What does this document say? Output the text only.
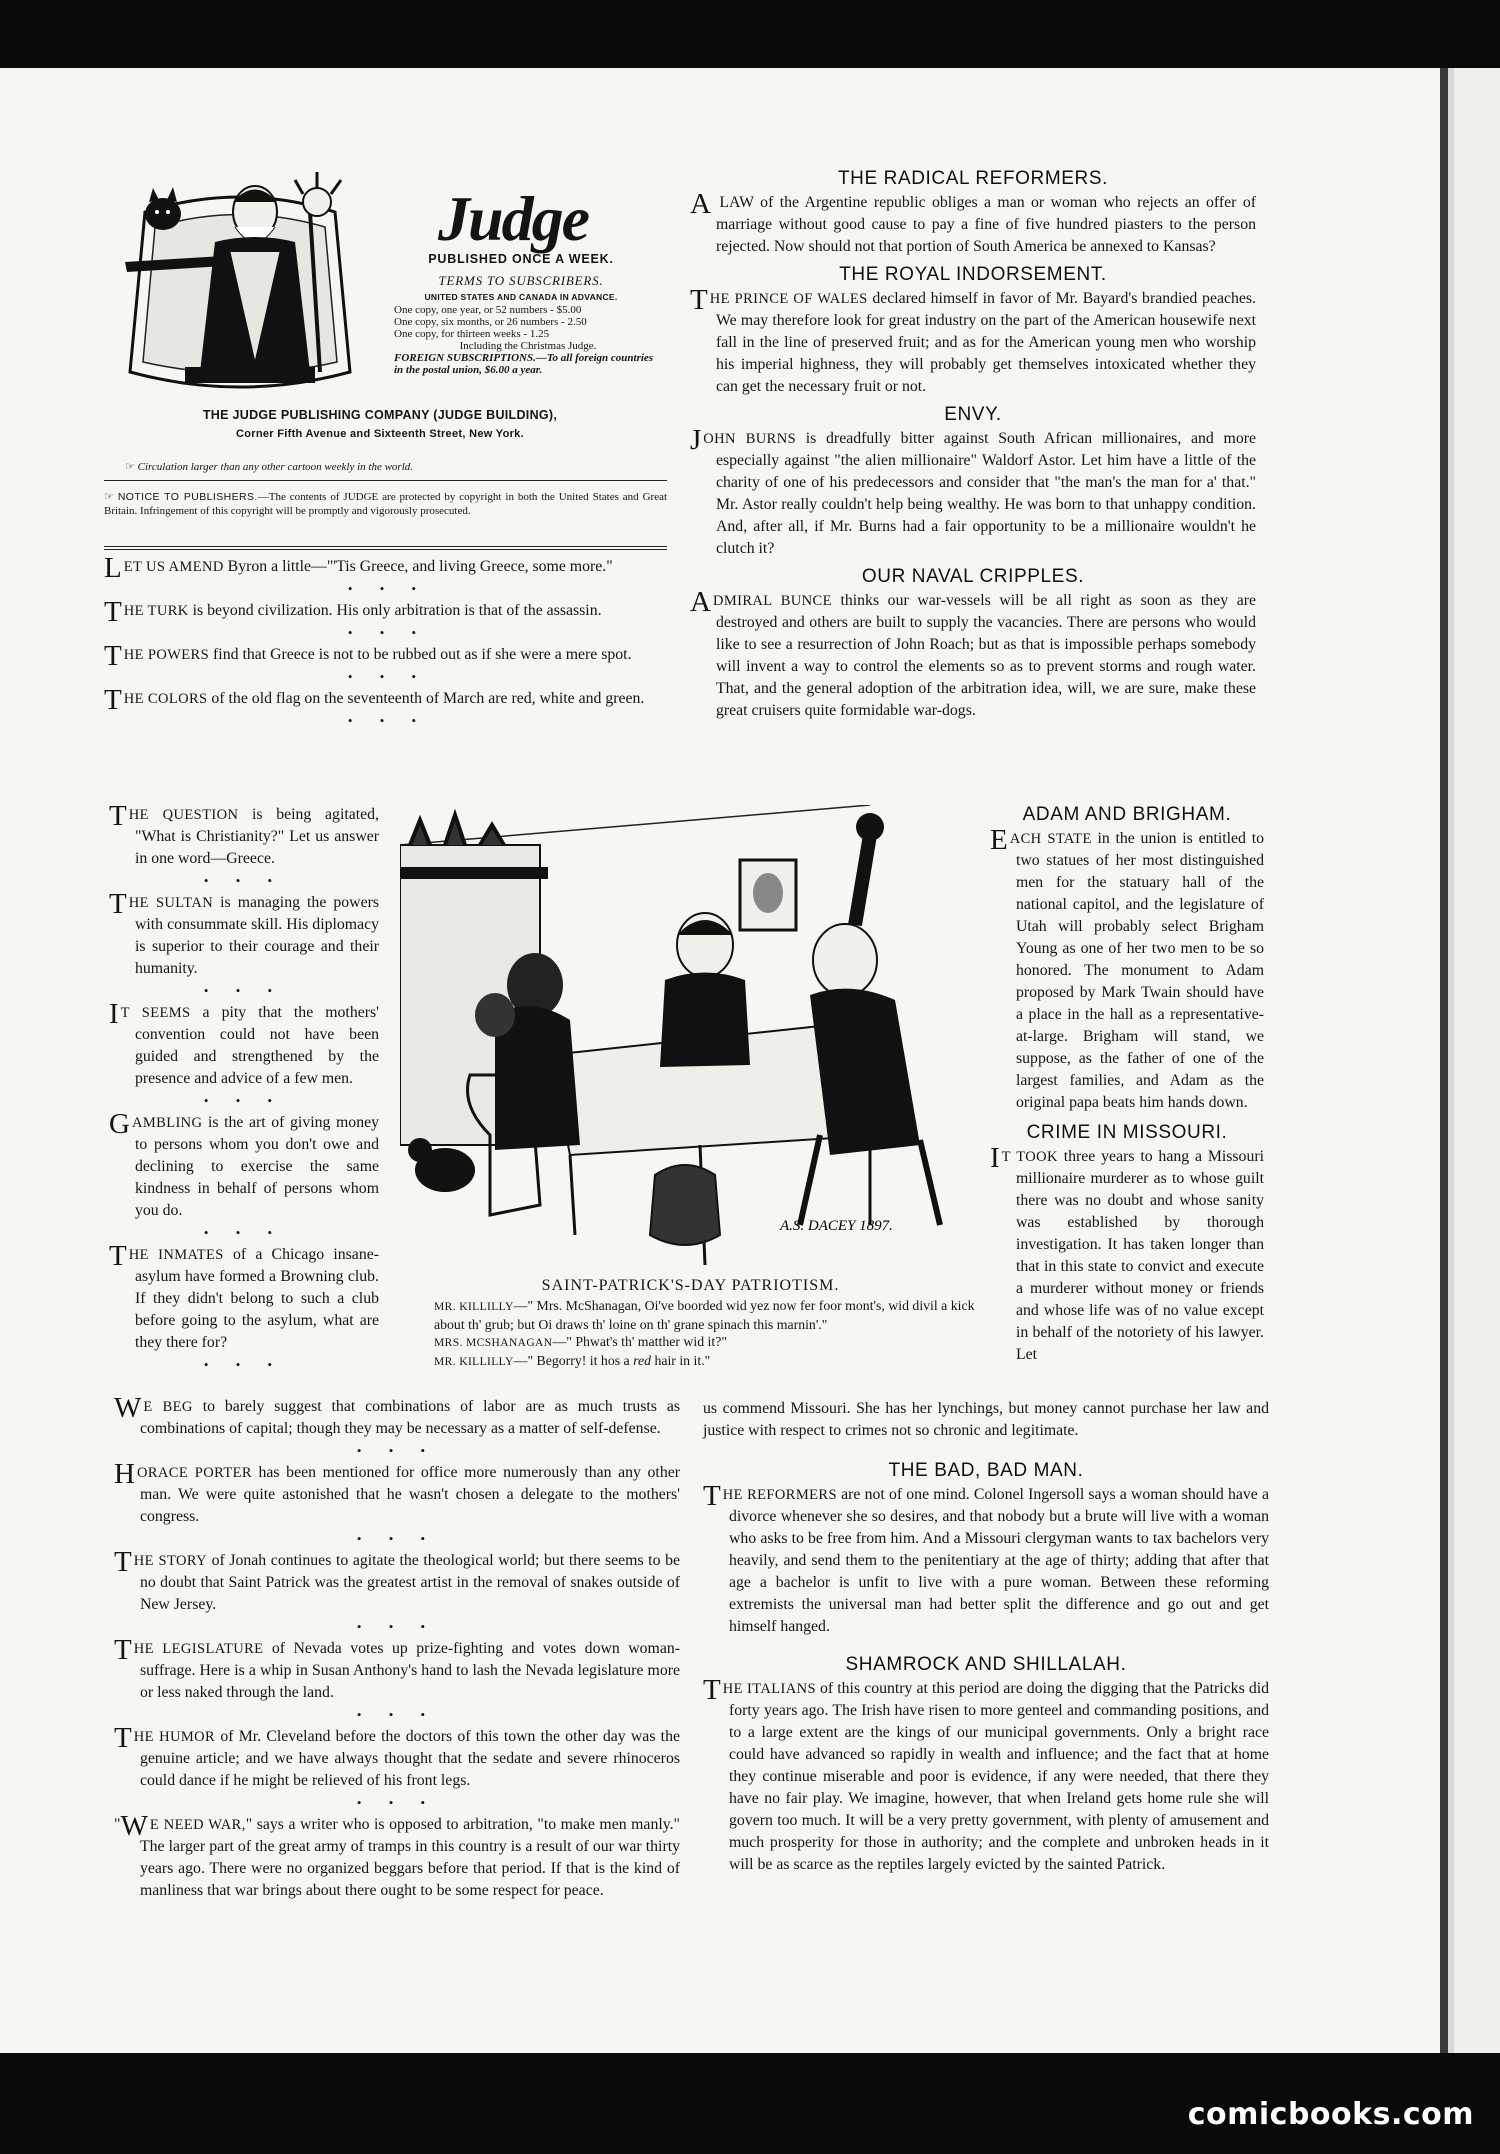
comicbooks.com
Judge
PUBLISHED ONCE A WEEK.
TERMS TO SUBSCRIBERS.
UNITED STATES AND CANADA IN ADVANCE.
One copy, one year, or 52 numbers - $5.00
One copy, six months, or 26 numbers - 2.50
One copy, for thirteen weeks - 1.25
Including the Christmas Judge.
FOREIGN SUBSCRIPTIONS.—To all foreign countries in the postal union, $6.00 a year.
THE JUDGE PUBLISHING COMPANY (JUDGE BUILDING),
Corner Fifth Avenue and Sixteenth Street, New York.
☞ Circulation larger than any other cartoon weekly in the world.
☞ NOTICE TO PUBLISHERS.—The contents of JUDGE are protected by copyright in both the United States and Great Britain. Infringement of this copyright will be promptly and vigorously prosecuted.

LET US AMEND Byron a little—"'Tis Greece, and living Greece, some more."

• • •

THE TURK is beyond civilization. His only arbitration is that of the assassin.

• • •

THE POWERS find that Greece is not to be rubbed out as if she were a mere spot.

• • •

THE COLORS of the old flag on the seventeenth of March are red, white and green.

• • •

THE QUESTION is being agitated, "What is Christianity?" Let us answer in one word—Greece.

• • •

THE SULTAN is managing the powers with consummate skill. His diplomacy is superior to their courage and their humanity.

• • •

I T SEEMS a pity that the mothers' convention could not have been guided and strengthened by the presence and advice of a few men.

• • •

GAMBLING is the art of giving money to persons whom you don't owe and declining to exercise the same kindness in behalf of persons whom you do.

• • •

THE INMATES of a Chicago insane-asylum have formed a Browning club. If they didn't belong to such a club before going to the asylum, what are they there for?

• • •
A.S. DACEY 1897.
SAINT-PATRICK'S-DAY PATRIOTISM.
MR. KILLILLY—" Mrs. McShanagan, Oi've boorded wid yez now fer foor mont's, wid divil a kick about th' grub; but Oi draws th' loine on th' grane spinach this marnin'."
MRS. MCSHANAGAN—" Phwat's th' matther wid it?"
MR. KILLILLY—" Begorry! it hos a red hair in it."

W E BEG to barely suggest that combinations of labor are as much trusts as combinations of capital; though they may be necessary as a matter of self-defense.

• • •

HORACE PORTER has been mentioned for office more numerously than any other man. We were quite astonished that he wasn't chosen a delegate to the mothers' congress.

• • •

THE STORY of Jonah continues to agitate the theological world; but there seems to be no doubt that Saint Patrick was the greatest artist in the removal of snakes outside of New Jersey.

• • •

THE LEGISLATURE of Nevada votes up prize-fighting and votes down woman-suffrage. Here is a whip in Susan Anthony's hand to lash the Nevada legislature more or less naked through the land.

• • •

THE HUMOR of Mr. Cleveland before the doctors of this town the other day was the genuine article; and we have always thought that the sedate and severe rhinoceros could dance if he might be relieved of his front legs.

• • •

"W E NEED WAR," says a writer who is opposed to arbitration, "to make men manly." The larger part of the great army of tramps in this country is a result of our war thirty years ago. There were no organized beggars before that period. If that is the kind of manliness that war brings about there ought to be some respect for peace.

THE RADICAL REFORMERS.

A LAW of the Argentine republic obliges a man or woman who rejects an offer of marriage without good cause to pay a fine of five hundred piasters to the person rejected. Now should not that portion of South America be annexed to Kansas?

THE ROYAL INDORSEMENT.

THE PRINCE OF WALES declared himself in favor of Mr. Bayard's brandied peaches. We may therefore look for great industry on the part of the American housewife next fall in the line of preserved fruit; and as for the American young men who worship his imperial highness, they will probably get themselves intoxicated whether they can get the necessary fruit or not.

ENVY.

JOHN BURNS is dreadfully bitter against South African millionaires, and more especially against "the alien millionaire" Waldorf Astor. Let him have a little of the charity of one of his predecessors and consider that "the man's the man for a' that." Mr. Astor really couldn't help being wealthy. He was born to that unhappy condition. And, after all, if Mr. Burns had a fair opportunity to be a millionaire wouldn't he clutch it?

OUR NAVAL CRIPPLES.

ADMIRAL BUNCE thinks our war-vessels will be all right as soon as they are destroyed and others are built to supply the vacancies. There are persons who would like to see a resurrection of John Roach; but as that is impossible perhaps somebody will invent a way to control the elements so as to prevent storms and rough water. That, and the general adoption of the arbitration idea, will, we are sure, make these great cruisers quite formidable war-dogs.

ADAM AND BRIGHAM.

EACH STATE in the union is entitled to two statues of her most distinguished men for the statuary hall of the national capitol, and the legislature of Utah will probably select Brigham Young as one of her two men to be so honored. The monument to Adam proposed by Mark Twain should have a place in the hall as a representative-at-large. Brigham will stand, we suppose, as the father of one of the largest families, and Adam as the original papa beats him hands down.

CRIME IN MISSOURI.

I T TOOK three years to hang a Missouri millionaire murderer as to whose guilt there was no doubt and whose sanity was established by thorough investigation. It has taken longer than that in this state to convict and execute a murderer without money or friends and whose life was of no value except in behalf of the notoriety of his lawyer. Let

us commend Missouri. She has her lynchings, but money cannot purchase her law and justice with respect to crimes not so chronic and legitimate.

THE BAD, BAD MAN.

THE REFORMERS are not of one mind. Colonel Ingersoll says a woman should have a divorce whenever she so desires, and that nobody but a brute will live with a woman who asks to be free from him. And a Missouri clergyman wants to tax bachelors very heavily, and send them to the penitentiary at the age of thirty; adding that after that age a bachelor is unfit to live with a pure woman. Between these reforming extremists the universal man had better split the difference and go out and get himself hanged.

SHAMROCK AND SHILLALAH.

THE ITALIANS of this country at this period are doing the digging that the Patricks did forty years ago. The Irish have risen to more genteel and commanding positions, and to a large extent are the kings of our municipal governments. Only a bright race could have advanced so rapidly in wealth and influence; and the fact that at home they continue miserable and poor is evidence, if any were needed, that there they have no fair play. We imagine, however, that when Ireland gets home rule she will govern too much. It will be a very pretty government, with plenty of amusement and much prosperity for those in authority; and the complete and unbroken heads in it will be as scarce as the reptiles largely evicted by the sainted Patrick.
